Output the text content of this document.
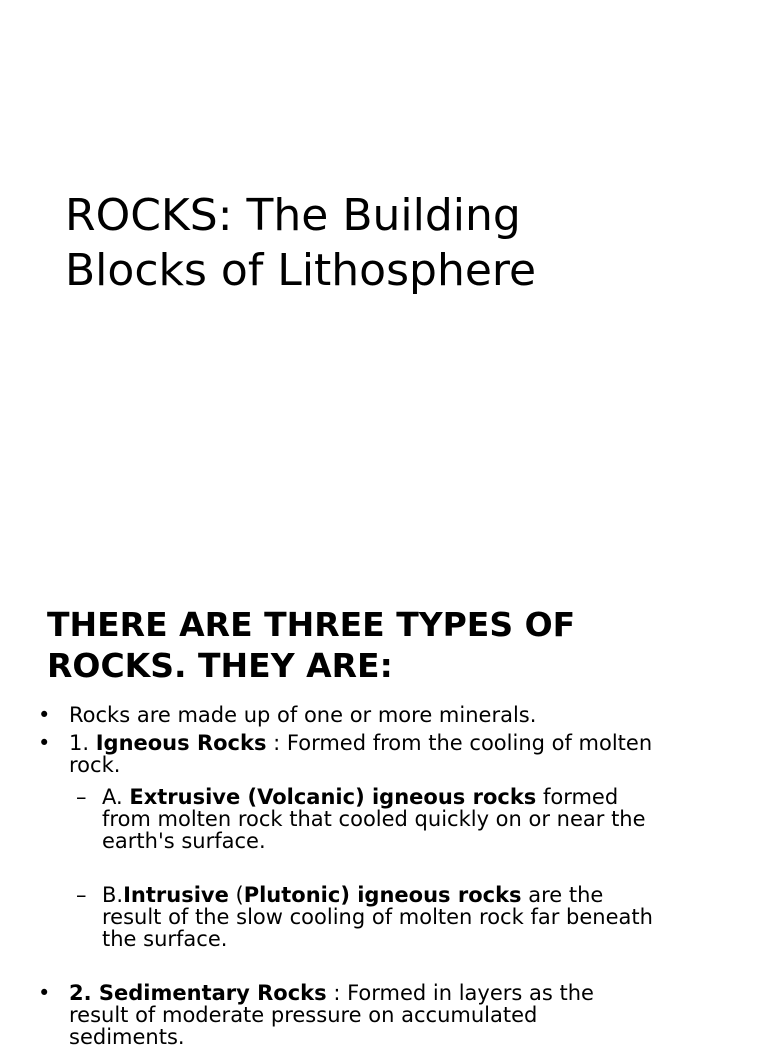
ROCKS: The Building
Blocks of Lithosphere
THERE ARE THREE TYPES OF
ROCKS. THEY ARE:
• Rocks are made up of one or more minerals.
• 1. Igneous Rocks : Formed from the cooling of molten
rock.
– A. Extrusive (Volcanic) igneous rocks formed
from molten rock that cooled quickly on or near the
earth's surface.
– B.Intrusive (Plutonic) igneous rocks are the
result of the slow cooling of molten rock far beneath
the surface.
• 2. Sedimentary Rocks : Formed in layers as the
result of moderate pressure on accumulated
sediments.
